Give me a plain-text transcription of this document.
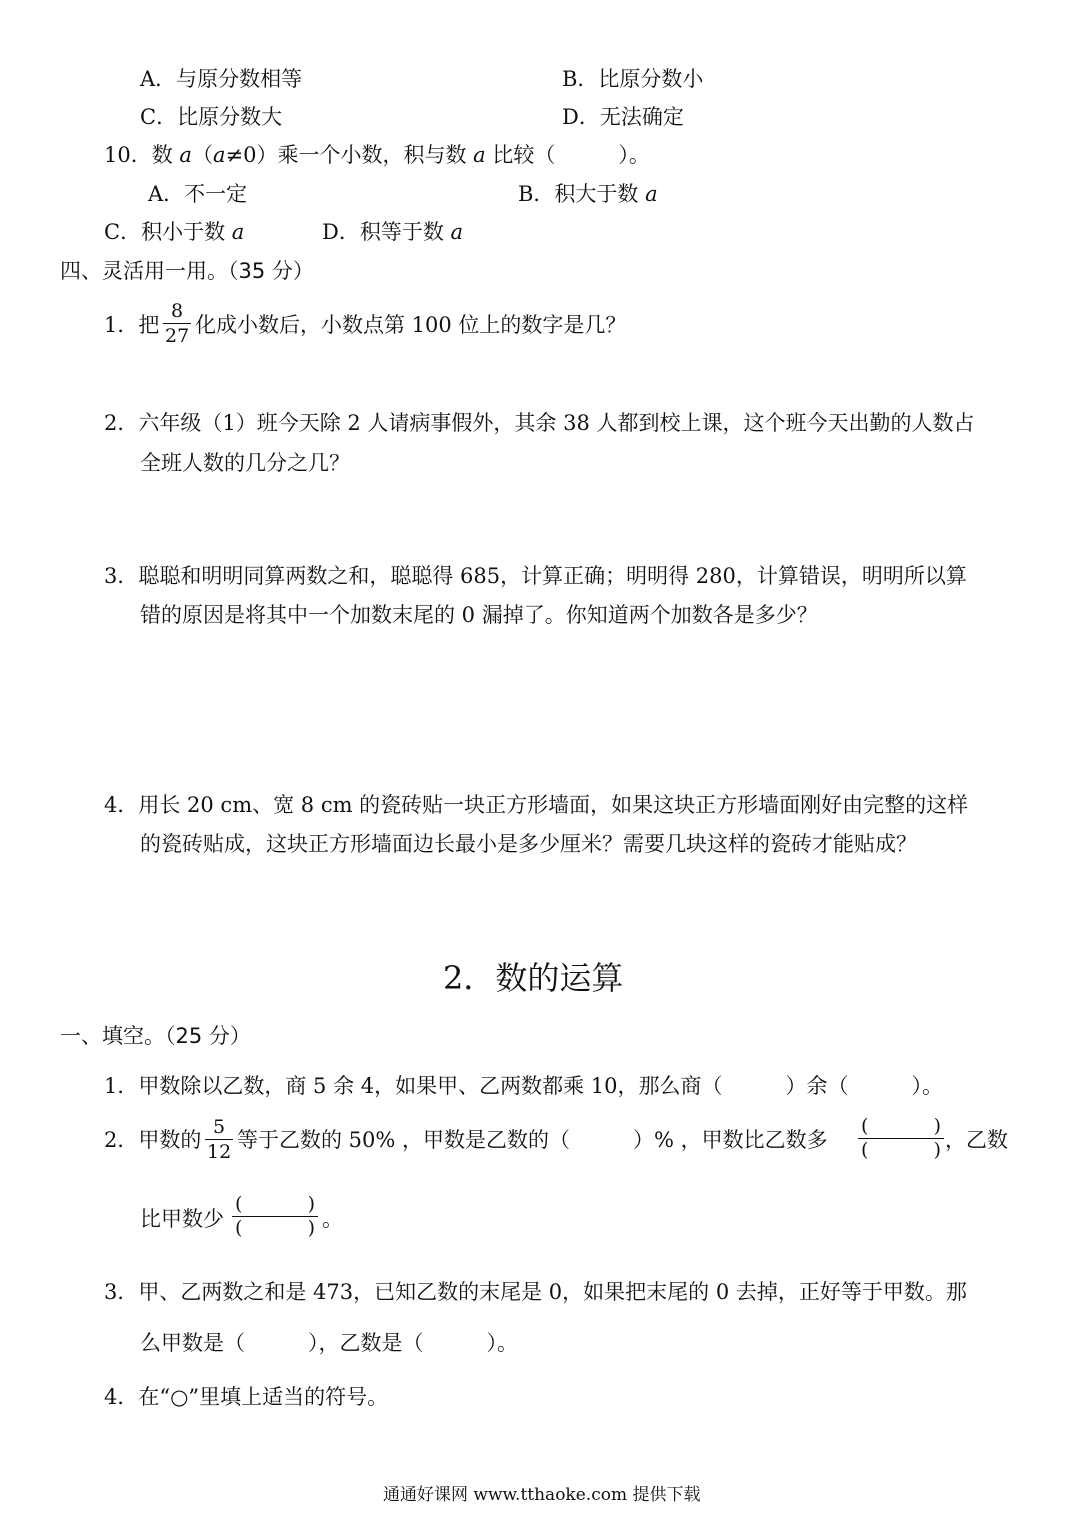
A．与原分数相等	B．比原分数小
C．比原分数大	D．无法确定
10．数 a（a≠0）乘一个小数，积与数 a 比较（　　　）。
A．不一定	B．积大于数 a
C．积小于数 a	D．积等于数 a
四、灵活用一用。（35 分）
1．把 $\frac{8}{27}$ 化成小数后，小数点第 100 位上的数字是几？
2．六年级（1）班今天除 2 人请病事假外，其余 38 人都到校上课，这个班今天出勤的人数占
全班人数的几分之几？
3．聪聪和明明同算两数之和，聪聪得 685，计算正确；明明得 280，计算错误，明明所以算
错的原因是将其中一个加数末尾的 0 漏掉了。你知道两个加数各是多少？
4．用长 20 cm、宽 8 cm 的瓷砖贴一块正方形墙面，如果这块正方形墙面刚好由完整的这样
的瓷砖贴成，这块正方形墙面边长最小是多少厘米？需要几块这样的瓷砖才能贴成？
2．数的运算
一、填空。（25 分）
1．甲数除以乙数，商 5 余 4，如果甲、乙两数都乘 10，那么商（　　　）余（　　　）。
2．甲数的 $\frac{5}{12}$ 等于乙数的 50% ，甲数是乙数的（　　　）% ，甲数比乙数多
(	)
(	) ，乙数
比甲数少
(	)
(	) 。
3．甲、乙两数之和是 473，已知乙数的末尾是 0，如果把末尾的 0 去掉，正好等于甲数。那
么甲数是（　　　），乙数是（　　　）。
4．在“○”里填上适当的符号。
通通好课网 www.tthaoke.com 提供下载
